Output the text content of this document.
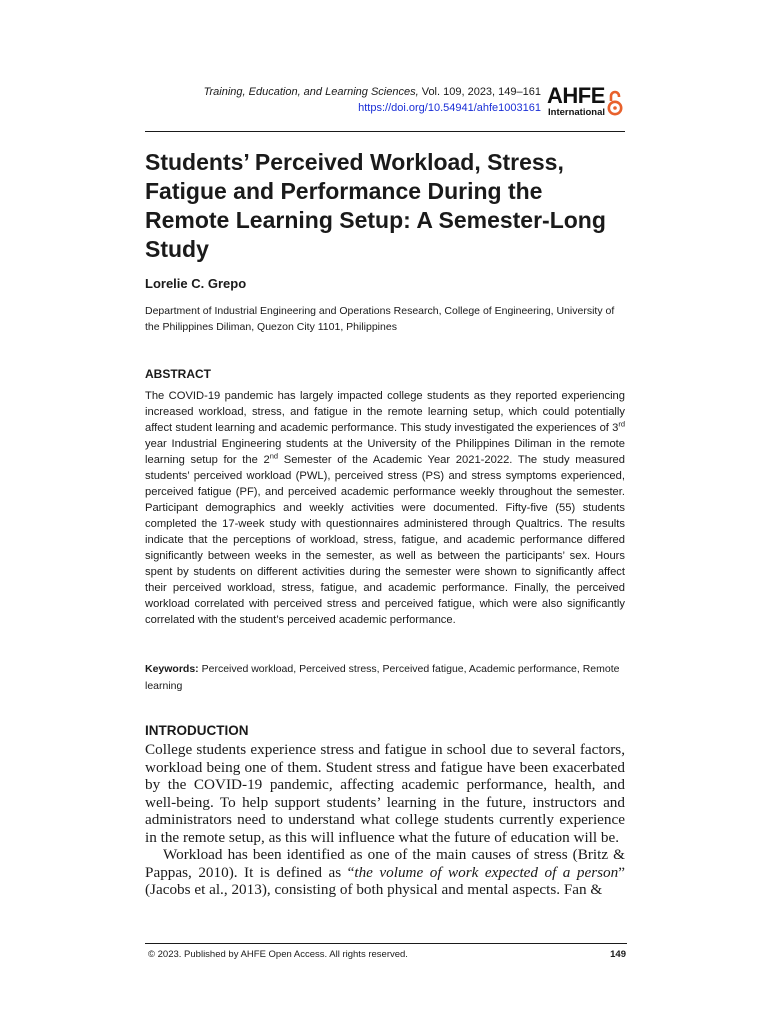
Training, Education, and Learning Sciences, Vol. 109, 2023, 149–161
https://doi.org/10.54941/ahfe1003161 AHFE
International
Students’ Perceived Workload, Stress, Fatigue and Performance During the Remote Learning Setup: A Semester-Long Study
Lorelie C. Grepo
Department of Industrial Engineering and Operations Research, College of Engineering, University of the Philippines Diliman, Quezon City 1101, Philippines
ABSTRACT

The COVID-19 pandemic has largely impacted college students as they reported experiencing increased workload, stress, and fatigue in the remote learning setup, which could potentially affect student learning and academic performance. This study investigated the experiences of 3rd year Industrial Engineering students at the University of the Philippines Diliman in the remote learning setup for the 2nd Semester of the Academic Year 2021-2022. The study measured students’ perceived workload (PWL), perceived stress (PS) and stress symptoms experienced, perceived fatigue (PF), and perceived academic performance weekly throughout the semester. Participant demographics and weekly activities were documented. Fifty-five (55) students completed the 17-week study with questionnaires administered through Qualtrics. The results indicate that the perceptions of workload, stress, fatigue, and academic performance differed significantly between weeks in the semester, as well as between the participants’ sex. Hours spent by students on different activities during the semester were shown to significantly affect their perceived workload, stress, fatigue, and academic performance. Finally, the perceived workload correlated with perceived stress and perceived fatigue, which were also significantly correlated with the student’s perceived academic performance.

Keywords: Perceived workload, Perceived stress, Perceived fatigue, Academic performance, Remote learning
INTRODUCTION

College students experience stress and fatigue in school due to several factors, workload being one of them. Student stress and fatigue have been exacerbated by the COVID-19 pandemic, affecting academic performance, health, and well-being. To help support students’ learning in the future, instructors and administrators need to understand what college students currently experience in the remote setup, as this will influence what the future of education will be.

Workload has been identified as one of the main causes of stress (Britz & Pappas, 2010). It is defined as “the volume of work expected of a person” (Jacobs et al., 2013), consisting of both physical and mental aspects. Fan &

© 2023. Published by AHFE Open Access. All rights reserved.	149
